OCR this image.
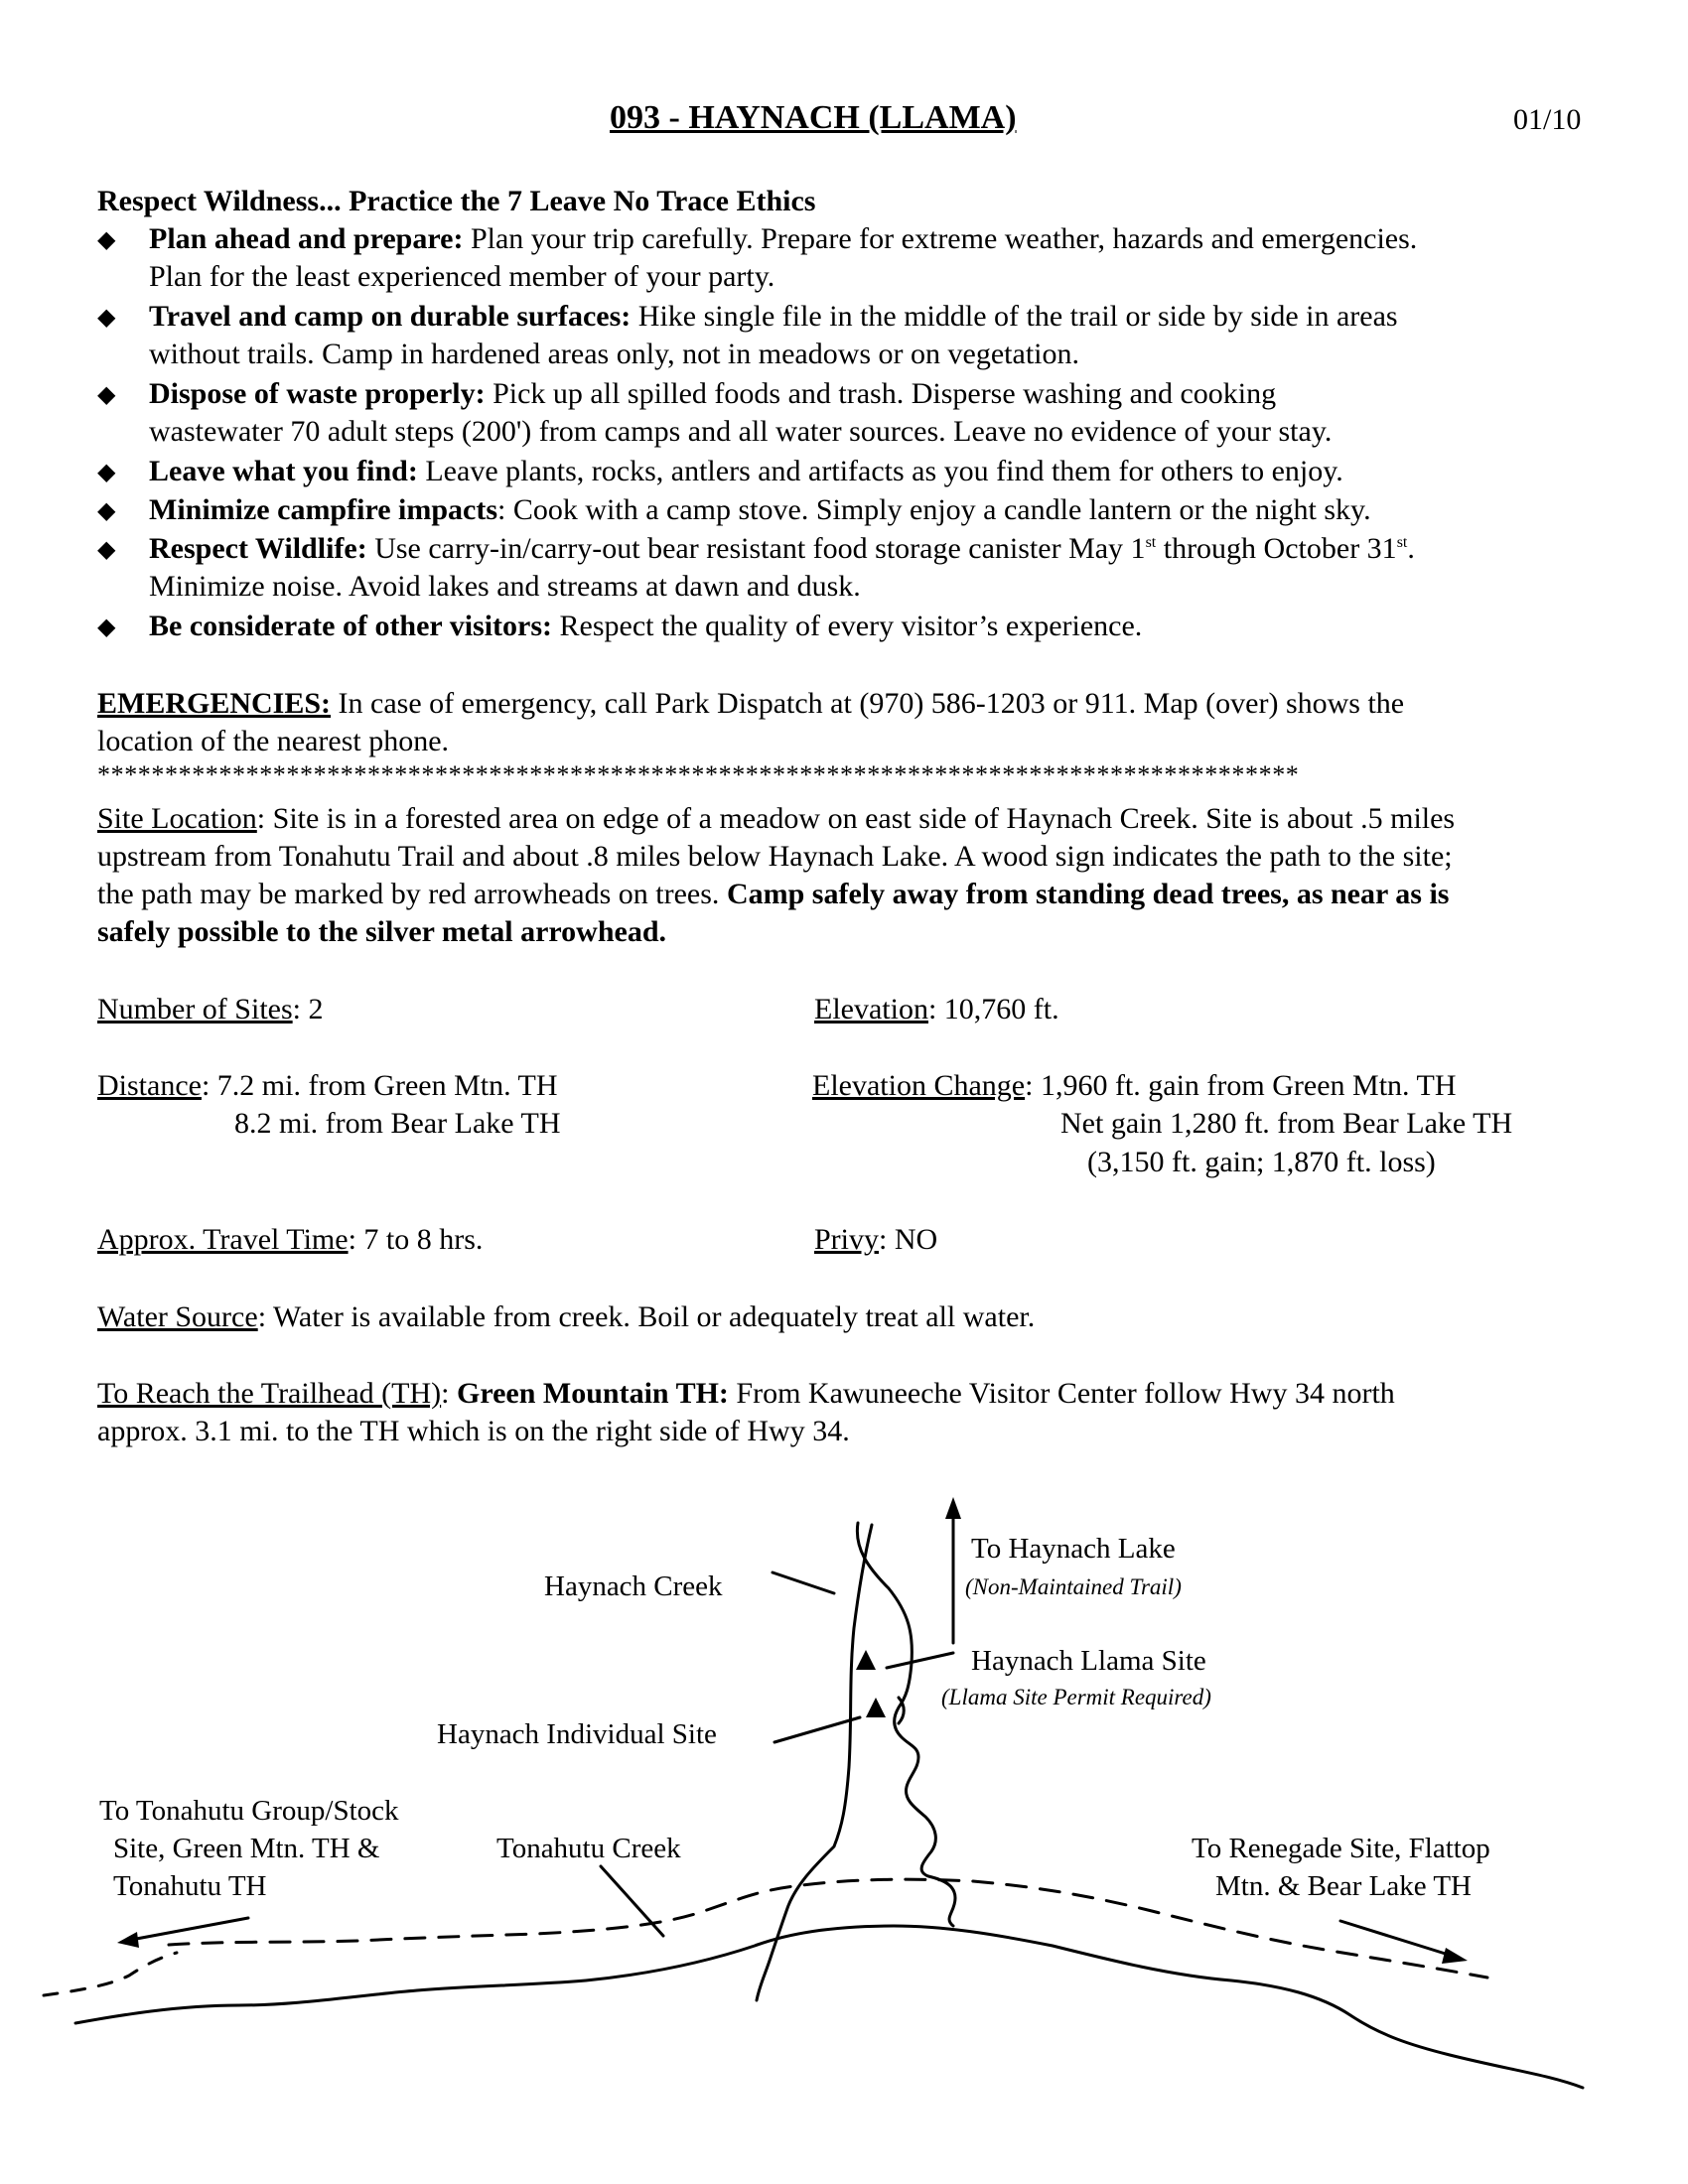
093 - HAYNACH (LLAMA)	01/10
Respect Wildness... Practice the 7 Leave No Trace Ethics
◆ Plan ahead and prepare: Plan your trip carefully. Prepare for extreme weather, hazards and emergencies.
Plan for the least experienced member of your party.
◆ Travel and camp on durable surfaces: Hike single file in the middle of the trail or side by side in areas
without trails. Camp in hardened areas only, not in meadows or on vegetation.
◆ Dispose of waste properly: Pick up all spilled foods and trash. Disperse washing and cooking
wastewater 70 adult steps (200') from camps and all water sources. Leave no evidence of your stay.
◆ Leave what you find: Leave plants, rocks, antlers and artifacts as you find them for others to enjoy.
◆ Minimize campfire impacts: Cook with a camp stove. Simply enjoy a candle lantern or the night sky.
◆ Respect Wildlife: Use carry-in/carry-out bear resistant food storage canister May 1st through October 31st.
Minimize noise. Avoid lakes and streams at dawn and dusk.
◆ Be considerate of other visitors: Respect the quality of every visitor’s experience.
EMERGENCIES: In case of emergency, call Park Dispatch at (970) 586-1203 or 911. Map (over) shows the
location of the nearest phone.
*****************************************************************************************
Site Location: Site is in a forested area on edge of a meadow on east side of Haynach Creek. Site is about .5 miles
upstream from Tonahutu Trail and about .8 miles below Haynach Lake. A wood sign indicates the path to the site;
the path may be marked by red arrowheads on trees. Camp safely away from standing dead trees, as near as is
safely possible to the silver metal arrowhead.
Number of Sites: 2	Elevation: 10,760 ft.
Distance: 7.2 mi. from Green Mtn. TH
8.2 mi. from Bear Lake TH
Elevation Change: 1,960 ft. gain from Green Mtn. TH
Net gain 1,280 ft. from Bear Lake TH
(3,150 ft. gain; 1,870 ft. loss)
Approx. Travel Time: 7 to 8 hrs.	Privy: NO
Water Source: Water is available from creek. Boil or adequately treat all water.
To Reach the Trailhead (TH): Green Mountain TH: From Kawuneeche Visitor Center follow Hwy 34 north
approx. 3.1 mi. to the TH which is on the right side of Hwy 34.
To Haynach Lake
(Non-Maintained Trail)
Haynach Creek
Haynach Llama Site
(Llama Site Permit Required)
Haynach Individual Site
To Tonahutu Group/Stock
Site, Green Mtn. TH &
Tonahutu TH
Tonahutu Creek	To Renegade Site, Flattop
Mtn. & Bear Lake TH
